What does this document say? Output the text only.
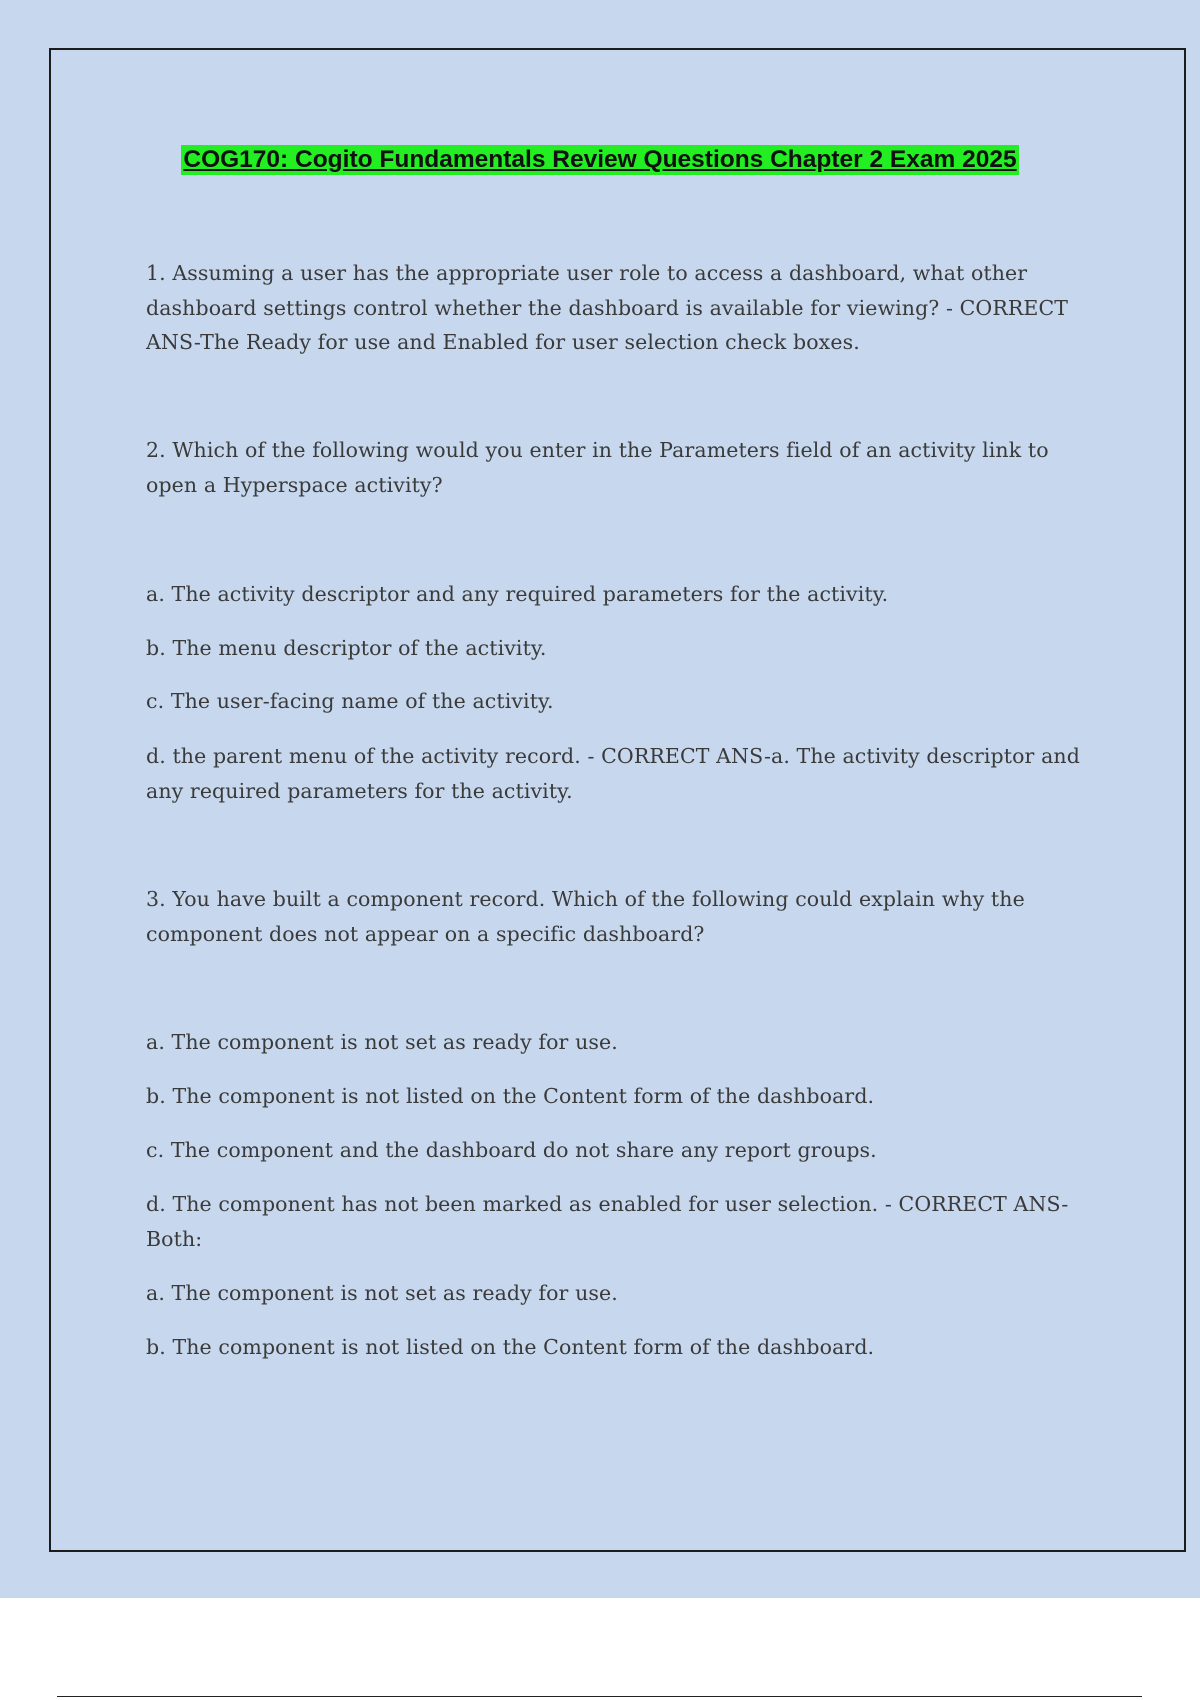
COG170: Cogito Fundamentals Review Questions Chapter 2 Exam 2025

1. Assuming a user has the appropriate user role to access a dashboard, what other dashboard settings control whether the dashboard is available for viewing? - CORRECT ANS-The Ready for use and Enabled for user selection check boxes.

2. Which of the following would you enter in the Parameters field of an activity link to open a Hyperspace activity?

a. The activity descriptor and any required parameters for the activity.

b. The menu descriptor of the activity.

c. The user-facing name of the activity.

d. the parent menu of the activity record. - CORRECT ANS-a. The activity descriptor and any required parameters for the activity.

3. You have built a component record. Which of the following could explain why the component does not appear on a specific dashboard?

a. The component is not set as ready for use.

b. The component is not listed on the Content form of the dashboard.

c. The component and the dashboard do not share any report groups.

d. The component has not been marked as enabled for user selection. - CORRECT ANS-Both:

a. The component is not set as ready for use.

b. The component is not listed on the Content form of the dashboard.
